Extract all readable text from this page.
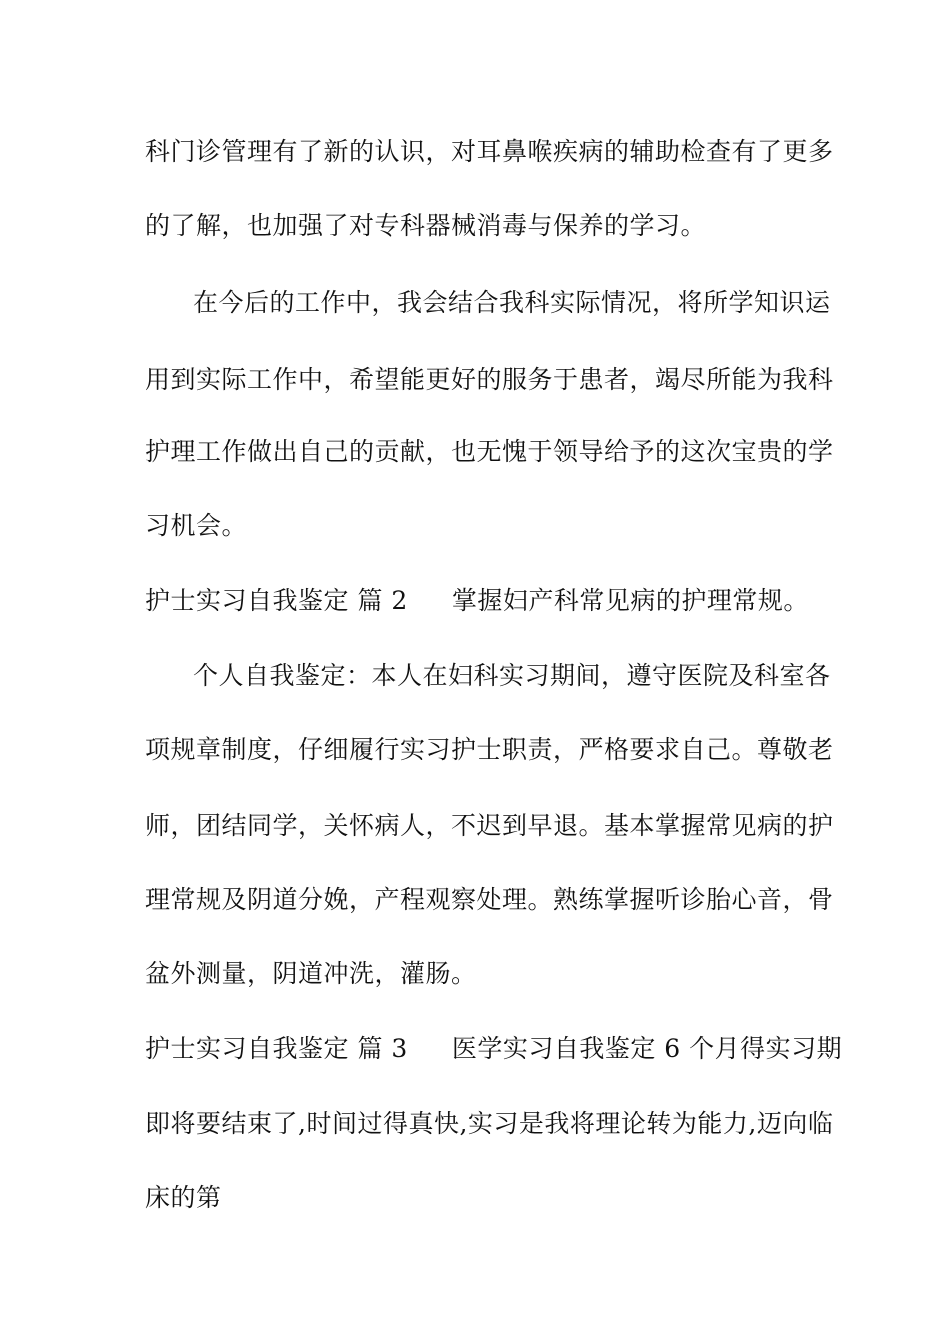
科门诊管理有了新的认识，对耳鼻喉疾病的辅助检查有了更多
的了解，也加强了对专科器械消毒与保养的学习。
在今后的工作中，我会结合我科实际情况，将所学知识运
用到实际工作中，希望能更好的服务于患者，竭尽所能为我科
护理工作做出自己的贡献，也无愧于领导给予的这次宝贵的学
习机会。
护士实习自我鉴定 篇 2 掌握妇产科常见病的护理常规。
个人自我鉴定：本人在妇科实习期间，遵守医院及科室各
项规章制度，仔细履行实习护士职责，严格要求自己。尊敬老
师，团结同学，关怀病人，不迟到早退。基本掌握常见病的护
理常规及阴道分娩，产程观察处理。熟练掌握听诊胎心音，骨
盆外测量，阴道冲洗，灌肠。
护士实习自我鉴定 篇 3 医学实习自我鉴定 6 个月得实习期
即将要结束了,时间过得真快,实习是我将理论转为能力,迈向临
床的第
